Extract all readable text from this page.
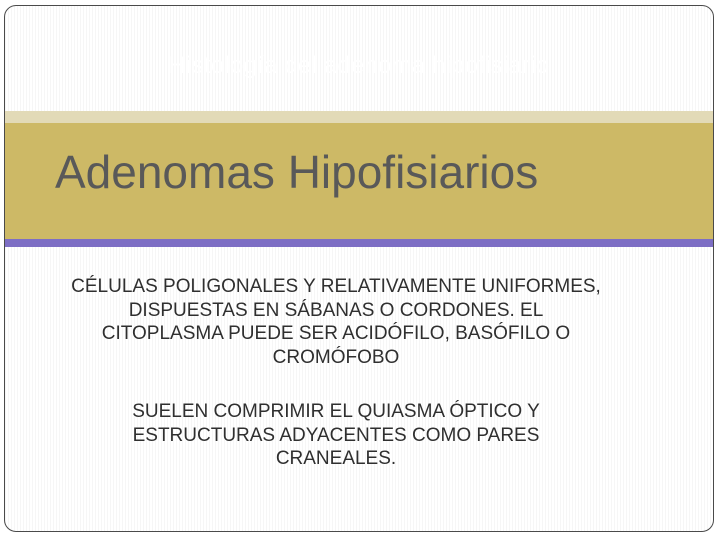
Histología del adenoma hipofisiario
Adenomas Hipofisiarios
CÉLULAS POLIGONALES Y RELATIVAMENTE UNIFORMES, DISPUESTAS EN SÁBANAS O CORDONES. EL CITOPLASMA PUEDE SER ACIDÓFILO, BASÓFILO O CROMÓFOBO
SUELEN COMPRIMIR EL QUIASMA ÓPTICO Y ESTRUCTURAS ADYACENTES COMO PARES CRANEALES.
